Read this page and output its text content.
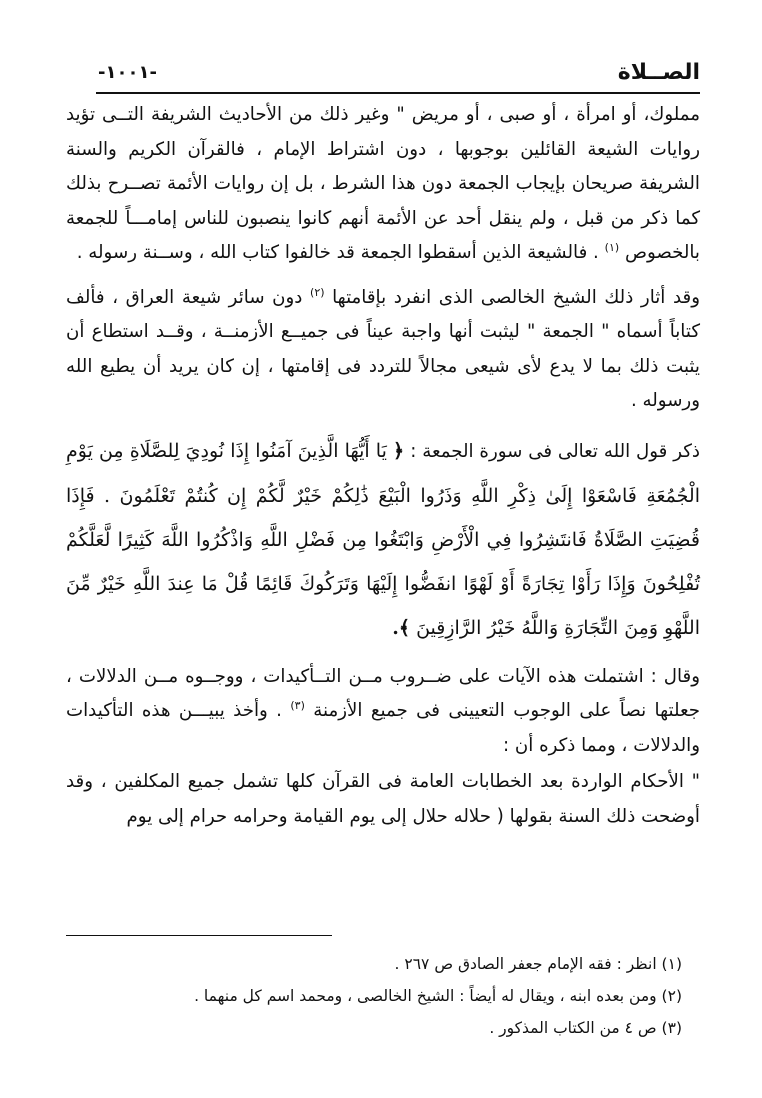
الصــلاة
-١٠٠١-

مملوك، أو امرأة ، أو صبى ، أو مريض " وغير ذلك من الأحاديث الشريفة التــى تؤيد روايات الشيعة القائلين بوجوبها ، دون اشتراط الإمام ، فالقرآن الكريم والسنة الشريفة صريحان بإيجاب الجمعة دون هذا الشرط ، بل إن روايات الأئمة تصــرح بذلك كما ذكر من قبل ، ولم ينقل أحد عن الأئمة أنهم كانوا ينصبون للناس إمامـــاً للجمعة بالخصوص $^{(١)}$ . فالشيعة الذين أسقطوا الجمعة قد خالفوا كتاب الله ، وســنة رسوله .

وقد أثار ذلك الشيخ الخالصى الذى انفرد بإقامتها $^{(٢)}$ دون سائر شيعة العراق ، فألف كتاباً أسماه " الجمعة " ليثبت أنها واجبة عيناً فى جميــع الأزمنــة ، وقــد استطاع أن يثبت ذلك بما لا يدع لأى شيعى مجالاً للتردد فى إقامتها ، إن كان يريد أن يطيع الله ورسوله .

ذكر قول الله تعالى فى سورة الجمعة : ﴿ يَا أَيُّهَا الَّذِينَ آمَنُوا إِذَا نُودِيَ لِلصَّلَاةِ مِن يَوْمِ الْجُمُعَةِ فَاسْعَوْا إِلَىٰ ذِكْرِ اللَّهِ وَذَرُوا الْبَيْعَ ذَٰلِكُمْ خَيْرٌ لَّكُمْ إِن كُنتُمْ تَعْلَمُونَ . فَإِذَا قُضِيَتِ الصَّلَاةُ فَانتَشِرُوا فِي الْأَرْضِ وَابْتَغُوا مِن فَضْلِ اللَّهِ وَاذْكُرُوا اللَّهَ كَثِيرًا لَّعَلَّكُمْ تُفْلِحُونَ وَإِذَا رَأَوْا تِجَارَةً أَوْ لَهْوًا انفَضُّوا إِلَيْهَا وَتَرَكُوكَ قَائِمًا قُلْ مَا عِندَ اللَّهِ خَيْرٌ مِّنَ اللَّهْوِ وَمِنَ التِّجَارَةِ وَاللَّهُ خَيْرُ الرَّازِقِينَ ﴾.

وقال : اشتملت هذه الآيات على ضــروب مــن التــأكيدات ، ووجــوه مــن الدلالات ، جعلتها نصاً على الوجوب التعيينى فى جميع الأزمنة $^{(٣)}$ . وأخذ يبيـــن هذه التأكيدات والدلالات ، ومما ذكره أن :

" الأحكام الواردة بعد الخطابات العامة فى القرآن كلها تشمل جميع المكلفين ، وقد أوضحت ذلك السنة بقولها ( حلاله حلال إلى يوم القيامة وحرامه حرام إلى يوم

(١) انظر : فقه الإمام جعفر الصادق ص ٢٦٧ .

(٢) ومن بعده ابنه ، ويقال له أيضاً : الشيخ الخالصى ، ومحمد اسم كل منهما .

(٣) ص ٤ من الكتاب المذكور .
